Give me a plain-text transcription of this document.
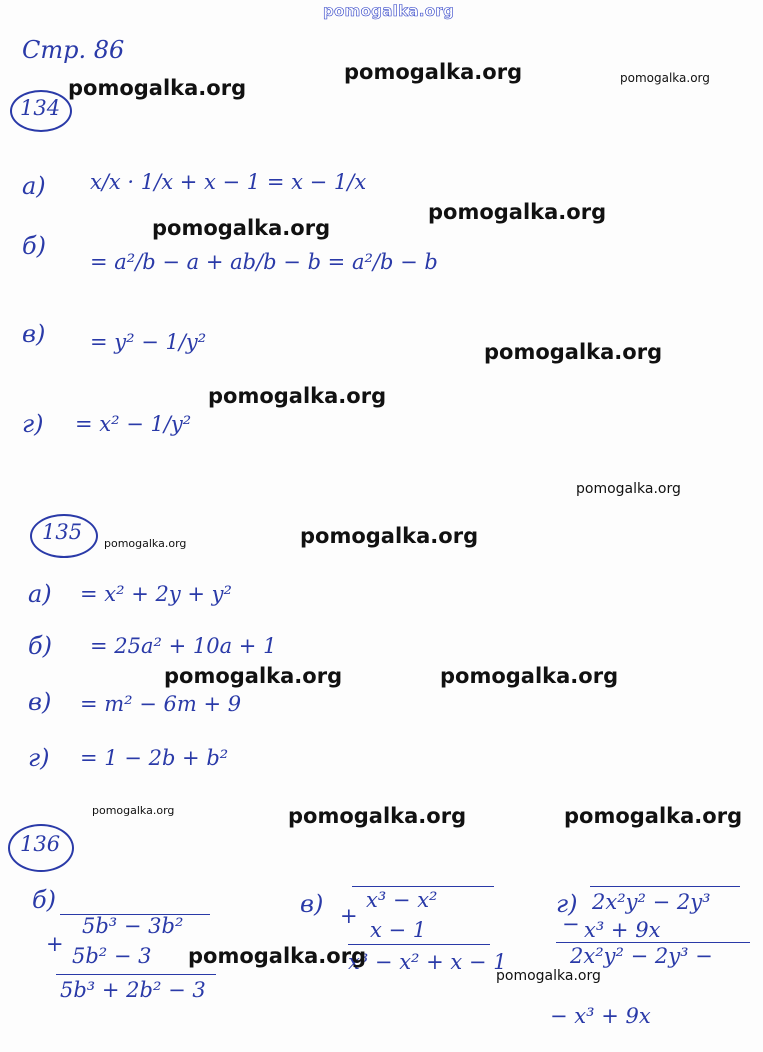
pomogalka.org
Стр. 86
134
а) x/x · 1/x + x − 1 = x − 1/x
б)
= a²/b − a + ab/b − b = a²/b − b
в) = y² − 1/y²
г) = x² − 1/y²
135
а) = x² + 2y + y²
б) = 25a² + 10a + 1
в) = m² − 6m + 9
г) = 1 − 2b + b²
136
б)
5b³ − 3b²
+ 5b² − 3
5b³ + 2b² − 3
в) x³ − x²
+
x − 1
x³ − x² + x − 1
г) 2x²y² − 2y³
− x³ + 9x
2x²y² − 2y³ −
− x³ + 9x
pomogalka.org	pomogalka.org
pomogalka.org
pomogalka.org
pomogalka.org
pomogalka.org
pomogalka.org
pomogalka.org
pomogalka.org
pomogalka.org
pomogalka.org	pomogalka.org
pomogalka.org	pomogalka.org	pomogalka.org
pomogalka.org
pomogalka.org
